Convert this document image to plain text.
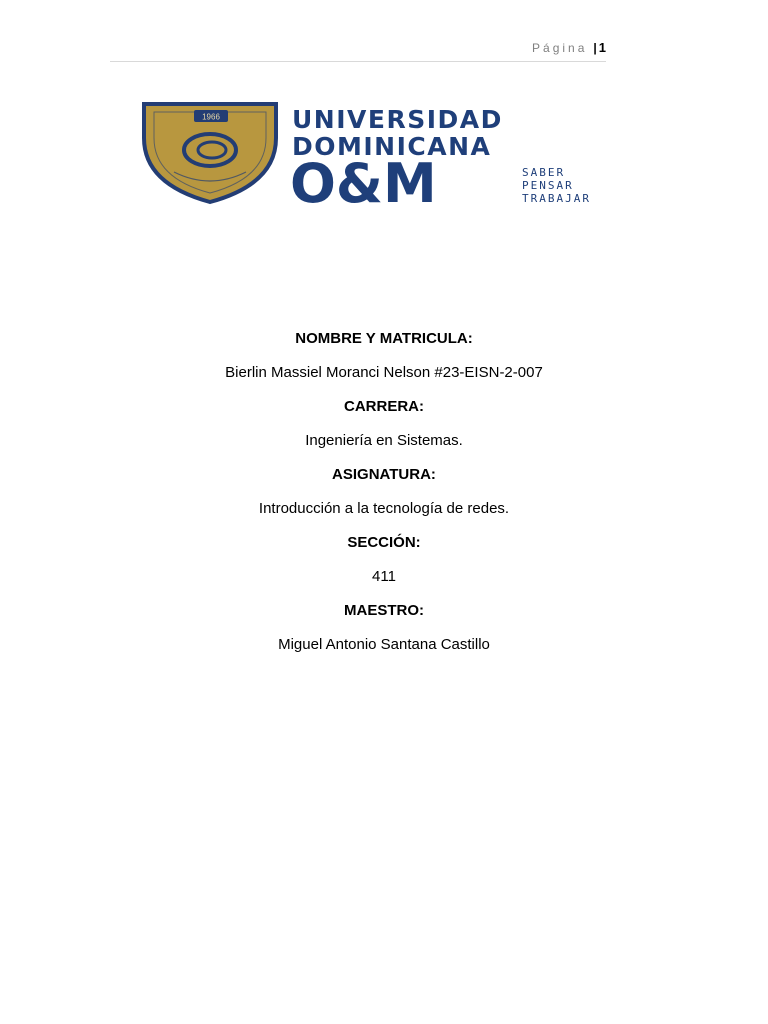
Página | 1
1966	UNIVERSIDAD
DOMINICANA
O&M	SABER
PENSAR
TRABAJAR

NOMBRE Y MATRICULA:

Bierlin Massiel Moranci Nelson #23-EISN-2-007

CARRERA:

Ingeniería en Sistemas.

ASIGNATURA:

Introducción a la tecnología de redes.

SECCIÓN:

411

MAESTRO:

Miguel Antonio Santana Castillo
